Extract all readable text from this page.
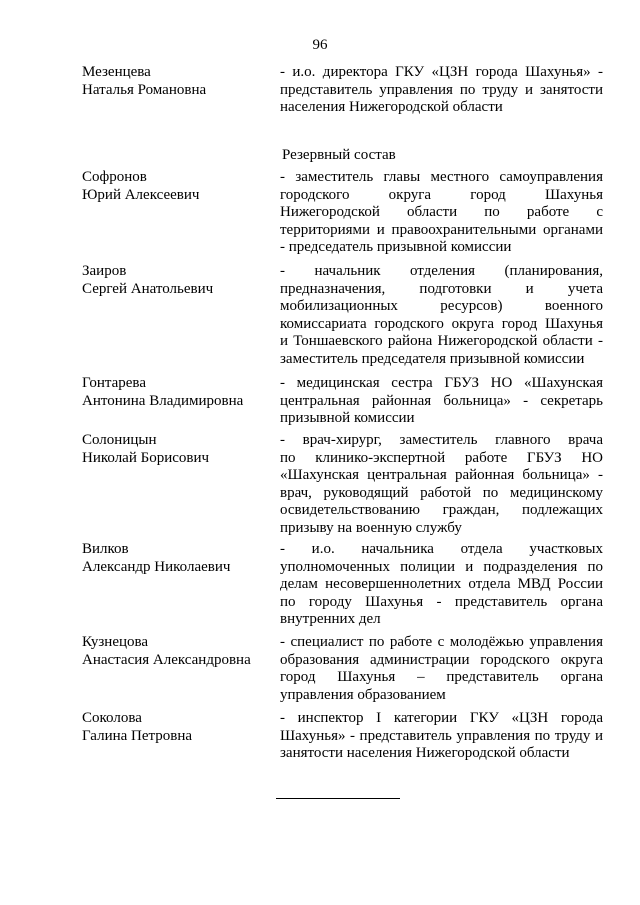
96
Мезенцева
Наталья Романовна
- и.о. директора ГКУ «ЦЗН города Шахунья» -
представитель управления по труду и занятости
населения Нижегородской области
Резервный состав
Софронов
Юрий Алексеевич
- заместитель главы местного самоуправления
городского округа город Шахунья
Нижегородской области по работе с
территориями и правоохранительными органами
- председатель призывной комиссии
Заиров
Сергей Анатольевич
- начальник отделения (планирования,
предназначения, подготовки и учета
мобилизационных ресурсов) военного
комиссариата городского округа город Шахунья
и Тоншаевского района Нижегородской области -
заместитель председателя призывной комиссии
Гонтарева
Антонина Владимировна
- медицинская сестра ГБУЗ НО «Шахунская
центральная районная больница» - секретарь
призывной комиссии
Солоницын
Николай Борисович
- врач-хирург, заместитель главного врача
по клинико-экспертной работе ГБУЗ НО
«Шахунская центральная районная больница» -
врач, руководящий работой по медицинскому
освидетельствованию граждан, подлежащих
призыву на военную службу
Вилков
Александр Николаевич
- и.о. начальника отдела участковых
уполномоченных полиции и подразделения по
делам несовершеннолетних отдела МВД России
по городу Шахунья - представитель органа
внутренних дел
Кузнецова
Анастасия Александровна
- специалист по работе с молодёжью управления
образования администрации городского округа
город Шахунья – представитель органа
управления образованием
Соколова
Галина Петровна
- инспектор I категории ГКУ «ЦЗН города
Шахунья» - представитель управления по труду и
занятости населения Нижегородской области
